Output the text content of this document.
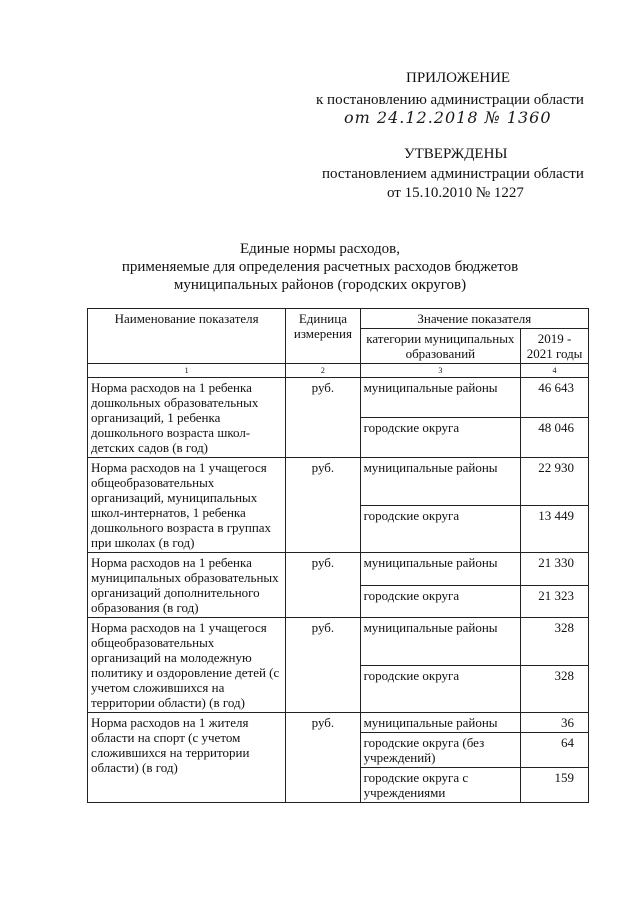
ПРИЛОЖЕНИЕ
к постановлению администрации области
от 24.12.2018 № 1360
УТВЕРЖДЕНЫ
постановлением администрации области
от 15.10.2010 № 1227
Единые нормы расходов,
применяемые для определения расчетных расходов бюджетов
муниципальных районов (городских округов)
Наименование показателя	Единица измерения	Значение показателя	
		категории муниципальных образований	2019 - 2021 годы
1	2	3	4
Норма расходов на 1 ребенка дошкольных образовательных организаций, 1 ребенка дошкольного возраста школ-детских садов (в год)	руб.	муниципальные районы	46 643
		городские округа	48 046
Норма расходов на 1 учащегося общеобразовательных организаций, муниципальных школ-интернатов, 1 ребенка дошкольного возраста в группах при школах (в год)	руб.	муниципальные районы	22 930
		городские округа	13 449
Норма расходов на 1 ребенка муниципальных образовательных организаций дополнительного образования (в год)	руб.	муниципальные районы	21 330
		городские округа	21 323
Норма расходов на 1 учащегося общеобразовательных организаций на молодежную политику и оздоровление детей (с учетом сложившихся на территории области) (в год)	руб.	муниципальные районы	328
		городские округа	328
Норма расходов на 1 жителя области на спорт (с учетом сложившихся на территории области) (в год)	руб.	муниципальные районы	36
		городские округа (без учреждений)	64
		городские округа с учреждениями	159
